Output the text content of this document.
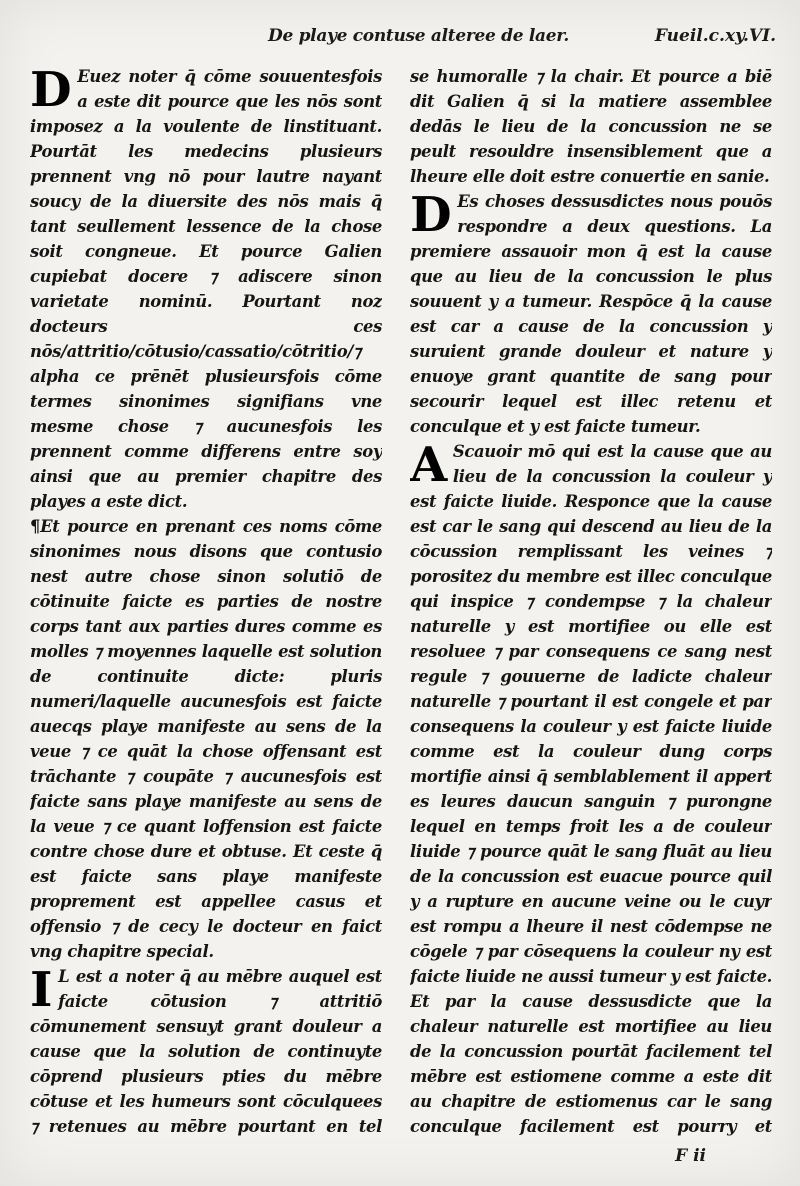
De playe contuse alteree de laer.	Fueil.c.xy.VI.

D Euez noter q̄ cōme souuentesfois a este dit pource que les nōs sont imposez a la voulente de linstituant. Pourtāt les medecins plusieurs prennent vng nō pour lautre nayant soucy de la diuersite des nōs mais q̄ tant seullement lessence de la chose soit congneue. Et pource Galien cupiebat docere ⁊ adiscere sinon varietate nominū. Pourtant noz docteurs ces nōs/attritio/cōtusio/cassatio/cōtritio/⁊ alpha ce prēnēt plusieursfois cōme termes sinonimes signifians vne mesme chose ⁊ aucunesfois les prennent comme differens entre soy ainsi que au premier chapitre des playes a este dict.

¶Et pource en prenant ces noms cōme sinonimes nous disons que contusio nest autre chose sinon solutiō de cōtinuite faicte es parties de nostre corps tant aux parties dures comme es molles ⁊ moyennes laquelle est solution de continuite dicte: pluris numeri/laquelle aucunesfois est faicte auecqs playe manifeste au sens de la veue ⁊ ce quāt la chose offensant est trāchante ⁊ coupāte ⁊ aucunesfois est faicte sans playe manifeste au sens de la veue ⁊ ce quant loffension est faicte contre chose dure et obtuse. Et ceste q̄ est faicte sans playe manifeste proprement est appellee casus et offensio ⁊ de cecy le docteur en faict vng chapitre special.

I L est a noter q̄ au mēbre auquel est faicte cōtusion ⁊ attritiō cōmunement sensuyt grant douleur a cause que la solution de continuyte cōprend plusieurs pties du mēbre cōtuse et les humeurs sont cōculquees ⁊ retenues au mēbre pourtant en tel

se humoralle ⁊ la chair. Et pource a biē dit Galien q̄ si la matiere assemblee dedās le lieu de la concussion ne se peult resouldre insensiblement que a lheure elle doit estre conuertie en sanie.

D Es choses dessusdictes nous pouōs respondre a deux questions. La premiere assauoir mon q̄ est la cause que au lieu de la concussion le plus souuent y a tumeur. Respōce q̄ la cause est car a cause de la concussion y suruient grande douleur et nature y enuoye grant quantite de sang pour secourir lequel est illec retenu et conculque et y est faicte tumeur.

A Scauoir mō qui est la cause que au lieu de la concussion la couleur y est faicte liuide. Responce que la cause est car le sang qui descend au lieu de la cōcussion remplissant les veines ⁊ porositez du membre est illec conculque qui inspice ⁊ condempse ⁊ la chaleur naturelle y est mortifiee ou elle est resoluee ⁊ par consequens ce sang nest regule ⁊ gouuerne de ladicte chaleur naturelle ⁊ pourtant il est congele et par consequens la couleur y est faicte liuide comme est la couleur dung corps mortifie ainsi q̄ semblablement il appert es leures daucun sanguin ⁊ purongne lequel en temps froit les a de couleur liuide ⁊ pource quāt le sang fluāt au lieu de la concussion est euacue pource quil y a rupture en aucune veine ou le cuyr est rompu a lheure il nest cōdempse ne cōgele ⁊ par cōsequens la couleur ny est faicte liuide ne aussi tumeur y est faicte. Et par la cause dessusdicte que la chaleur naturelle est mortifiee au lieu de la concussion pourtāt facilement tel mēbre est estiomene comme a este dit au chapitre de estiomenus car le sang conculque facilement est pourry et

F ii
